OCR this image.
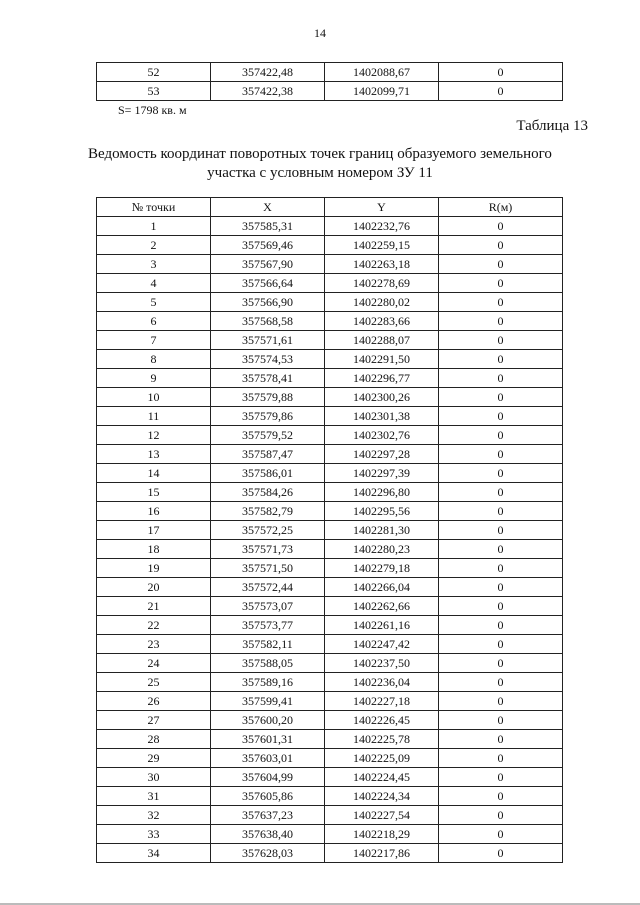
14
52	357422,48	1402088,67	0
53	357422,38	1402099,71	0
S= 1798 кв. м
Таблица 13
Ведомость координат поворотных точек границ образуемого земельного
участка с условным номером ЗУ 11
№ точки	X	Y	R(м)
1	357585,31	1402232,76	0
2	357569,46	1402259,15	0
3	357567,90	1402263,18	0
4	357566,64	1402278,69	0
5	357566,90	1402280,02	0
6	357568,58	1402283,66	0
7	357571,61	1402288,07	0
8	357574,53	1402291,50	0
9	357578,41	1402296,77	0
10	357579,88	1402300,26	0
11	357579,86	1402301,38	0
12	357579,52	1402302,76	0
13	357587,47	1402297,28	0
14	357586,01	1402297,39	0
15	357584,26	1402296,80	0
16	357582,79	1402295,56	0
17	357572,25	1402281,30	0
18	357571,73	1402280,23	0
19	357571,50	1402279,18	0
20	357572,44	1402266,04	0
21	357573,07	1402262,66	0
22	357573,77	1402261,16	0
23	357582,11	1402247,42	0
24	357588,05	1402237,50	0
25	357589,16	1402236,04	0
26	357599,41	1402227,18	0
27	357600,20	1402226,45	0
28	357601,31	1402225,78	0
29	357603,01	1402225,09	0
30	357604,99	1402224,45	0
31	357605,86	1402224,34	0
32	357637,23	1402227,54	0
33	357638,40	1402218,29	0
34	357628,03	1402217,86	0
